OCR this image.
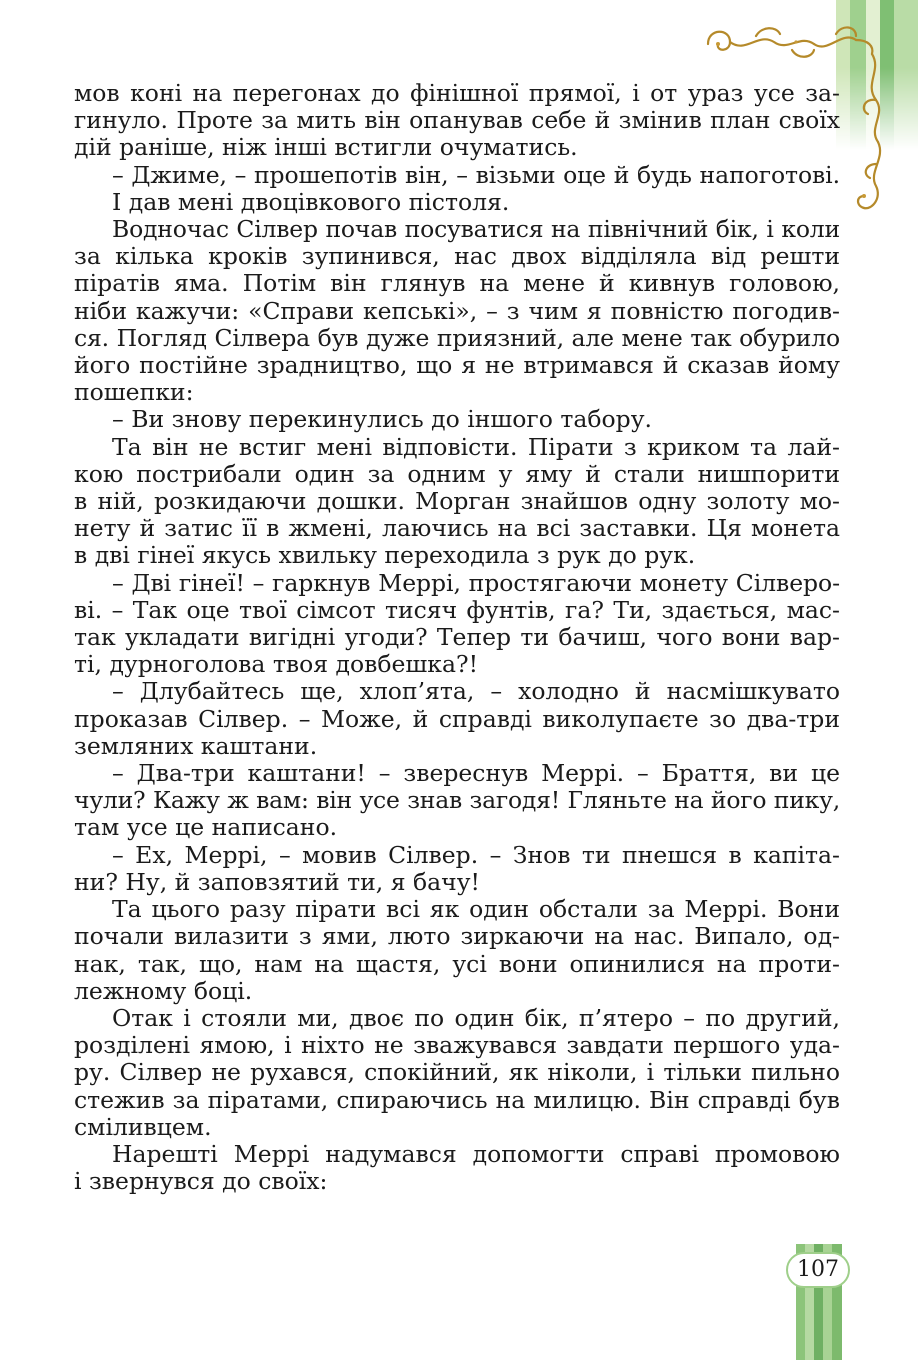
мов коні на перегонах до фінішної прямої, і от ураз усе за-

гинуло. Проте за мить він опанував себе й змінив план своїх

дій раніше, ніж інші встигли очуматись.

– Джиме, – прошепотів він, – візьми оце й будь напоготові.

І дав мені двоцівкового пістоля.

Водночас Сілвер почав посуватися на північний бік, і коли

за кілька кроків зупинився, нас двох відділяла від решти

піратів яма. Потім він глянув на мене й кивнув головою,

ніби кажучи: «Справи кепські», – з чим я повністю погодив-

ся. Погляд Сілвера був дуже приязний, але мене так обурило

його постійне зрадництво, що я не втримався й сказав йому

пошепки:

– Ви знову перекинулись до іншого табору.

Та він не встиг мені відповісти. Пірати з криком та лай-

кою пострибали один за одним у яму й стали нишпорити

в ній, розкидаючи дошки. Морган знайшов одну золоту мо-

нету й затис її в жмені, лаючись на всі заставки. Ця монета

в дві гінеї якусь хвильку переходила з рук до рук.

– Дві гінеї! – гаркнув Меррі, простягаючи монету Сілверо-

ві. – Так оце твої сімсот тисяч фунтів, га? Ти, здається, мас-

так укладати вигідні угоди? Тепер ти бачиш, чого вони вар-

ті, дурноголова твоя довбешка?!

– Длубайтесь ще, хлоп’ята, – холодно й насмішкувато

проказав Сілвер. – Може, й справді виколупаєте зо два-три

земляних каштани.

– Два-три каштани! – звереснув Меррі. – Браття, ви це

чули? Кажу ж вам: він усе знав загодя! Гляньте на його пику,

там усе це написано.

– Ех, Меррі, – мовив Сілвер. – Знов ти пнешся в капіта-

ни? Ну, й заповзятий ти, я бачу!

Та цього разу пірати всі як один обстали за Меррі. Вони

почали вилазити з ями, люто зиркаючи на нас. Випало, од-

нак, так, що, нам на щастя, усі вони опинилися на проти-

лежному боці.

Отак і стояли ми, двоє по один бік, п’ятеро – по другий,

розділені ямою, і ніхто не зважувався завдати першого уда-

ру. Сілвер не рухався, спокійний, як ніколи, і тільки пильно

стежив за піратами, спираючись на милицю. Він справді був

сміливцем.

Нарешті Меррі надумався допомогти справі промовою

і звернувся до своїх:

107
